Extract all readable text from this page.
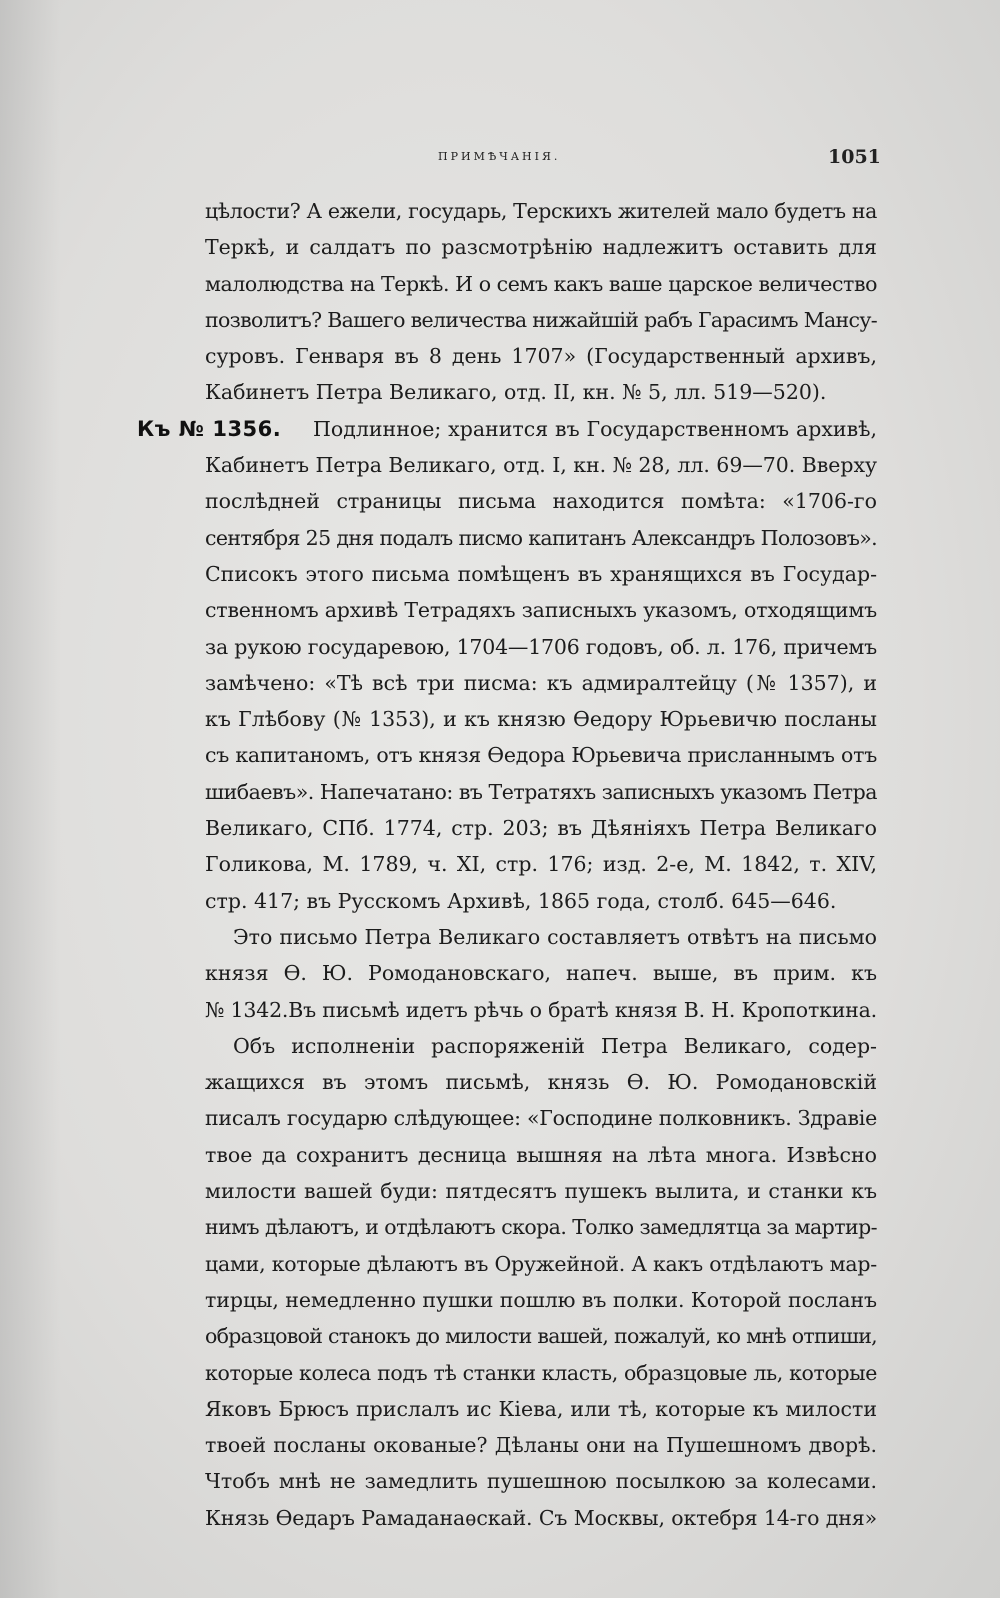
ПРИМѢЧАНІЯ.	1051
цѣлости? А ежели, государь, Терскихъ жителей мало будетъ на
Теркѣ, и салдатъ по разсмотрѣнію надлежитъ оставить для
малолюдства на Теркѣ. И о семъ какъ ваше царское величество
позволитъ? Вашего величества нижайшій рабъ Гарасимъ Мансу-
суровъ. Генваря въ 8 день 1707» (Государственный архивъ,
Кабинетъ Петра Великаго, отд. II, кн. № 5, лл. 519—520).
Къ № 1356.	Подлинное; хранится въ Государственномъ архивѣ,
Кабинетъ Петра Великаго, отд. I, кн. № 28, лл. 69—70. Вверху
послѣдней страницы письма находится помѣта: «1706-го
сентября 25 дня подалъ писмо капитанъ Александръ Полозовъ».
Списокъ этого письма помѣщенъ въ хранящихся въ Государ-
ственномъ архивѣ Тетрадяхъ записныхъ указомъ, отходящимъ
за рукою государевою, 1704—1706 годовъ, об. л. 176, причемъ
замѣчено: «Тѣ всѣ три писма: къ адмиралтейцу (№ 1357), и
къ Глѣбову (№ 1353), и къ князю Ѳедору Юрьевичю посланы
съ капитаномъ, отъ князя Ѳедора Юрьевича присланнымъ отъ
шибаевъ». Напечатано: въ Тетратяхъ записныхъ указомъ Петра
Великаго, СПб. 1774, стр. 203; въ Дѣяніяхъ Петра Великаго
Голикова, М. 1789, ч. XI, стр. 176; изд. 2-е, М. 1842, т. XIV,
стр. 417; въ Русскомъ Архивѣ, 1865 года, столб. 645—646.
Это письмо Петра Великаго составляетъ отвѣтъ на письмо
князя Ѳ. Ю. Ромодановскаго, напеч. выше, въ прим. къ
№ 1342.Въ письмѣ идетъ рѣчь о братѣ князя В. Н. Кропоткина.
Объ исполненіи распоряженій Петра Великаго, содер-
жащихся въ этомъ письмѣ, князь Ѳ. Ю. Ромодановскій
писалъ государю слѣдующее: «Господине полковникъ. Здравіе
твое да сохранитъ десница вышняя на лѣта многа. Извѣсно
милости вашей буди: пятдесятъ пушекъ вылита, и станки къ
нимъ дѣлаютъ, и отдѣлаютъ скора. Толко замедлятца за мартир-
цами, которые дѣлаютъ въ Оружейной. А какъ отдѣлаютъ мар-
тирцы, немедленно пушки пошлю въ полки. Которой посланъ
образцовой станокъ до милости вашей, пожалуй, ко мнѣ отпиши,
которые колеса подъ тѣ станки класть, образцовые ль, которые
Яковъ Брюсъ прислалъ ис Кіева, или тѣ, которые къ милости
твоей посланы окованые? Дѣланы они на Пушешномъ дворѣ.
Чтобъ мнѣ не замедлить пушешною посылкою за колесами.
Князь Ѳедаръ Рамаданаѳскай. Съ Москвы, октебря 14-го дня»
